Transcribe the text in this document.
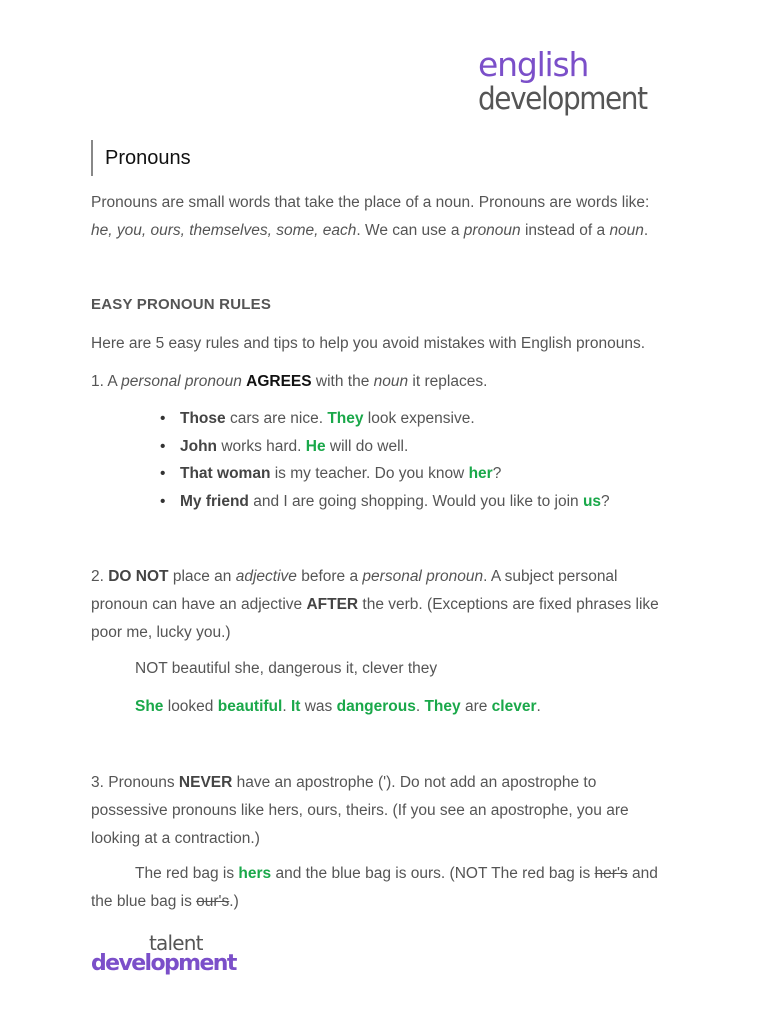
english
development
Pronouns
Pronouns are small words that take the place of a noun. Pronouns are words like:
he, you, ours, themselves, some, each. We can use a pronoun instead of a noun.
EASY PRONOUN RULES
Here are 5 easy rules and tips to help you avoid mistakes with English pronouns.
1. A personal pronoun AGREES with the noun it replaces.
• Those cars are nice. They look expensive.
• John works hard. He will do well.
• That woman is my teacher. Do you know her?
• My friend and I are going shopping. Would you like to join us?
2. DO NOT place an adjective before a personal pronoun. A subject personal pronoun can have an adjective AFTER the verb. (Exceptions are fixed phrases like poor me, lucky you.)
NOT beautiful she, dangerous it, clever they
She looked beautiful. It was dangerous. They are clever.
3. Pronouns NEVER have an apostrophe ('). Do not add an apostrophe to possessive pronouns like hers, ours, theirs. (If you see an apostrophe, you are looking at a contraction.)
The red bag is hers and the blue bag is ours. (NOT The red bag is her's and the blue bag is our's.)
talent
development
